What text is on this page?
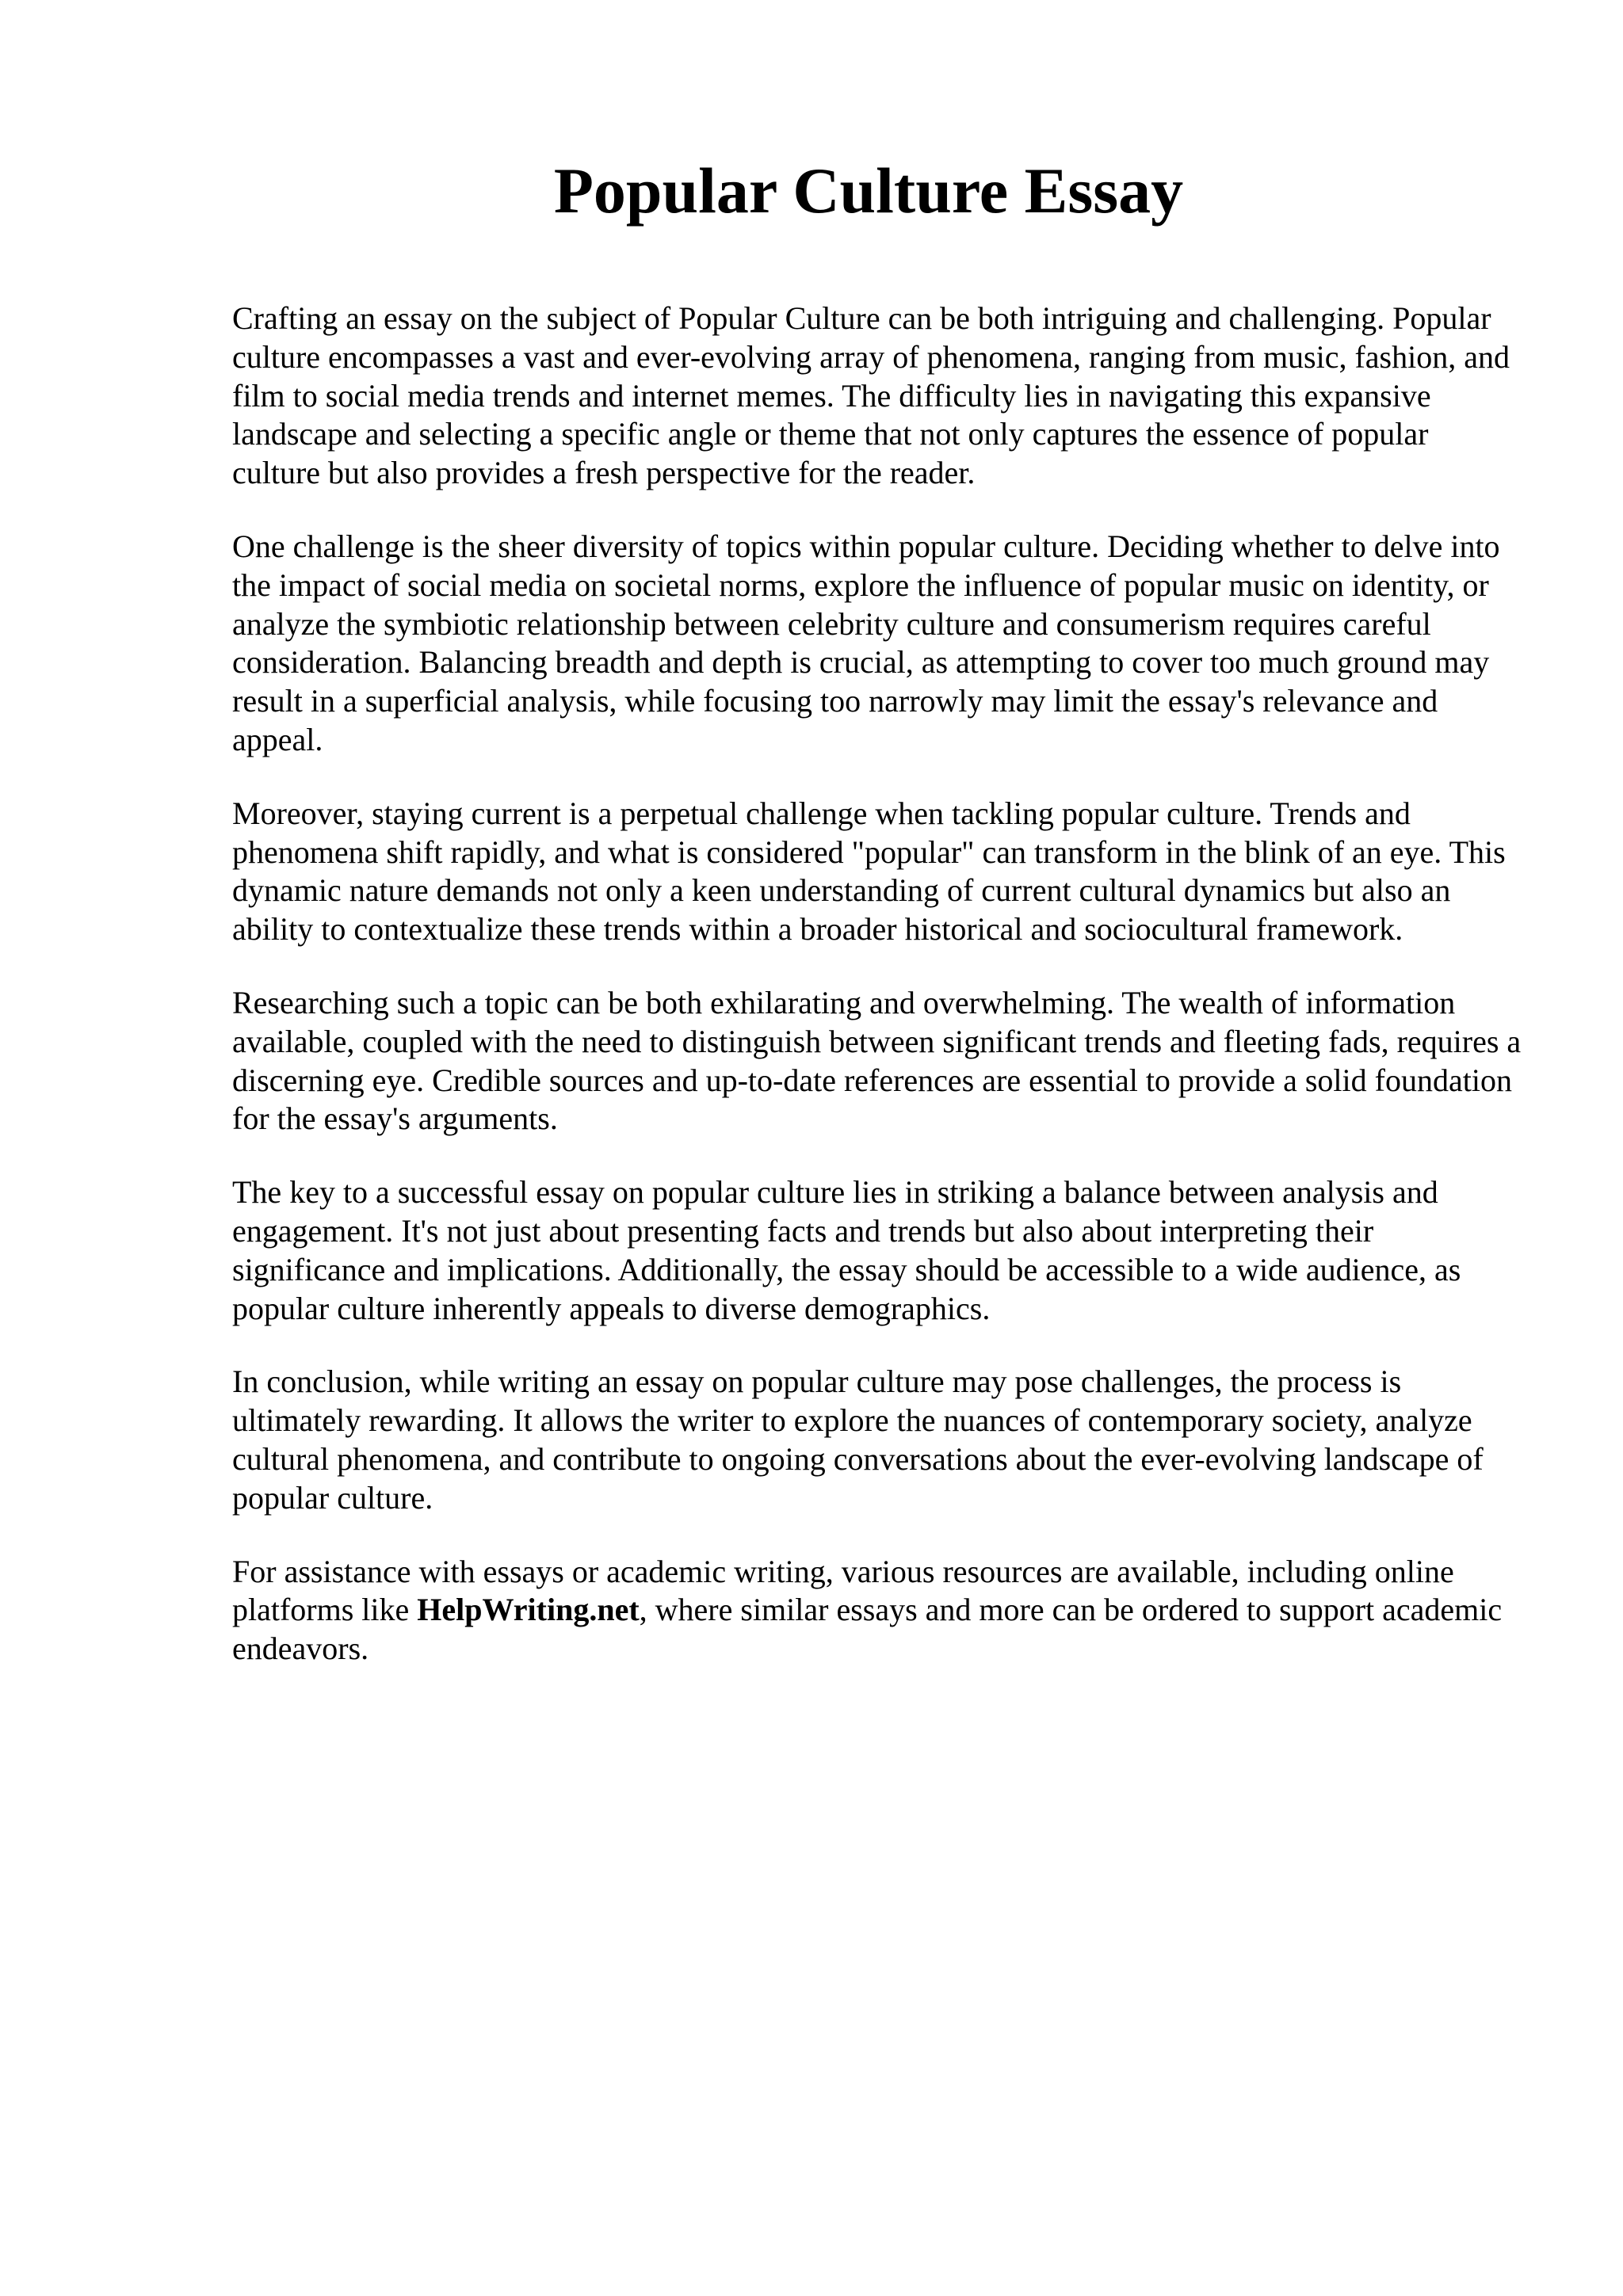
Popular Culture Essay

Crafting an essay on the subject of Popular Culture can be both intriguing and challenging. Popular culture encompasses a vast and ever-evolving array of phenomena, ranging from music, fashion, and film to social media trends and internet memes. The difficulty lies in navigating this expansive landscape and selecting a specific angle or theme that not only captures the essence of popular culture but also provides a fresh perspective for the reader.

One challenge is the sheer diversity of topics within popular culture. Deciding whether to delve into the impact of social media on societal norms, explore the influence of popular music on identity, or analyze the symbiotic relationship between celebrity culture and consumerism requires careful consideration. Balancing breadth and depth is crucial, as attempting to cover too much ground may result in a superficial analysis, while focusing too narrowly may limit the essay's relevance and appeal.

Moreover, staying current is a perpetual challenge when tackling popular culture. Trends and phenomena shift rapidly, and what is considered "popular" can transform in the blink of an eye. This dynamic nature demands not only a keen understanding of current cultural dynamics but also an ability to contextualize these trends within a broader historical and sociocultural framework.

Researching such a topic can be both exhilarating and overwhelming. The wealth of information available, coupled with the need to distinguish between significant trends and fleeting fads, requires a discerning eye. Credible sources and up-to-date references are essential to provide a solid foundation for the essay's arguments.

The key to a successful essay on popular culture lies in striking a balance between analysis and engagement. It's not just about presenting facts and trends but also about interpreting their significance and implications. Additionally, the essay should be accessible to a wide audience, as popular culture inherently appeals to diverse demographics.

In conclusion, while writing an essay on popular culture may pose challenges, the process is ultimately rewarding. It allows the writer to explore the nuances of contemporary society, analyze cultural phenomena, and contribute to ongoing conversations about the ever-evolving landscape of popular culture.

For assistance with essays or academic writing, various resources are available, including online platforms like HelpWriting.net, where similar essays and more can be ordered to support academic endeavors.
